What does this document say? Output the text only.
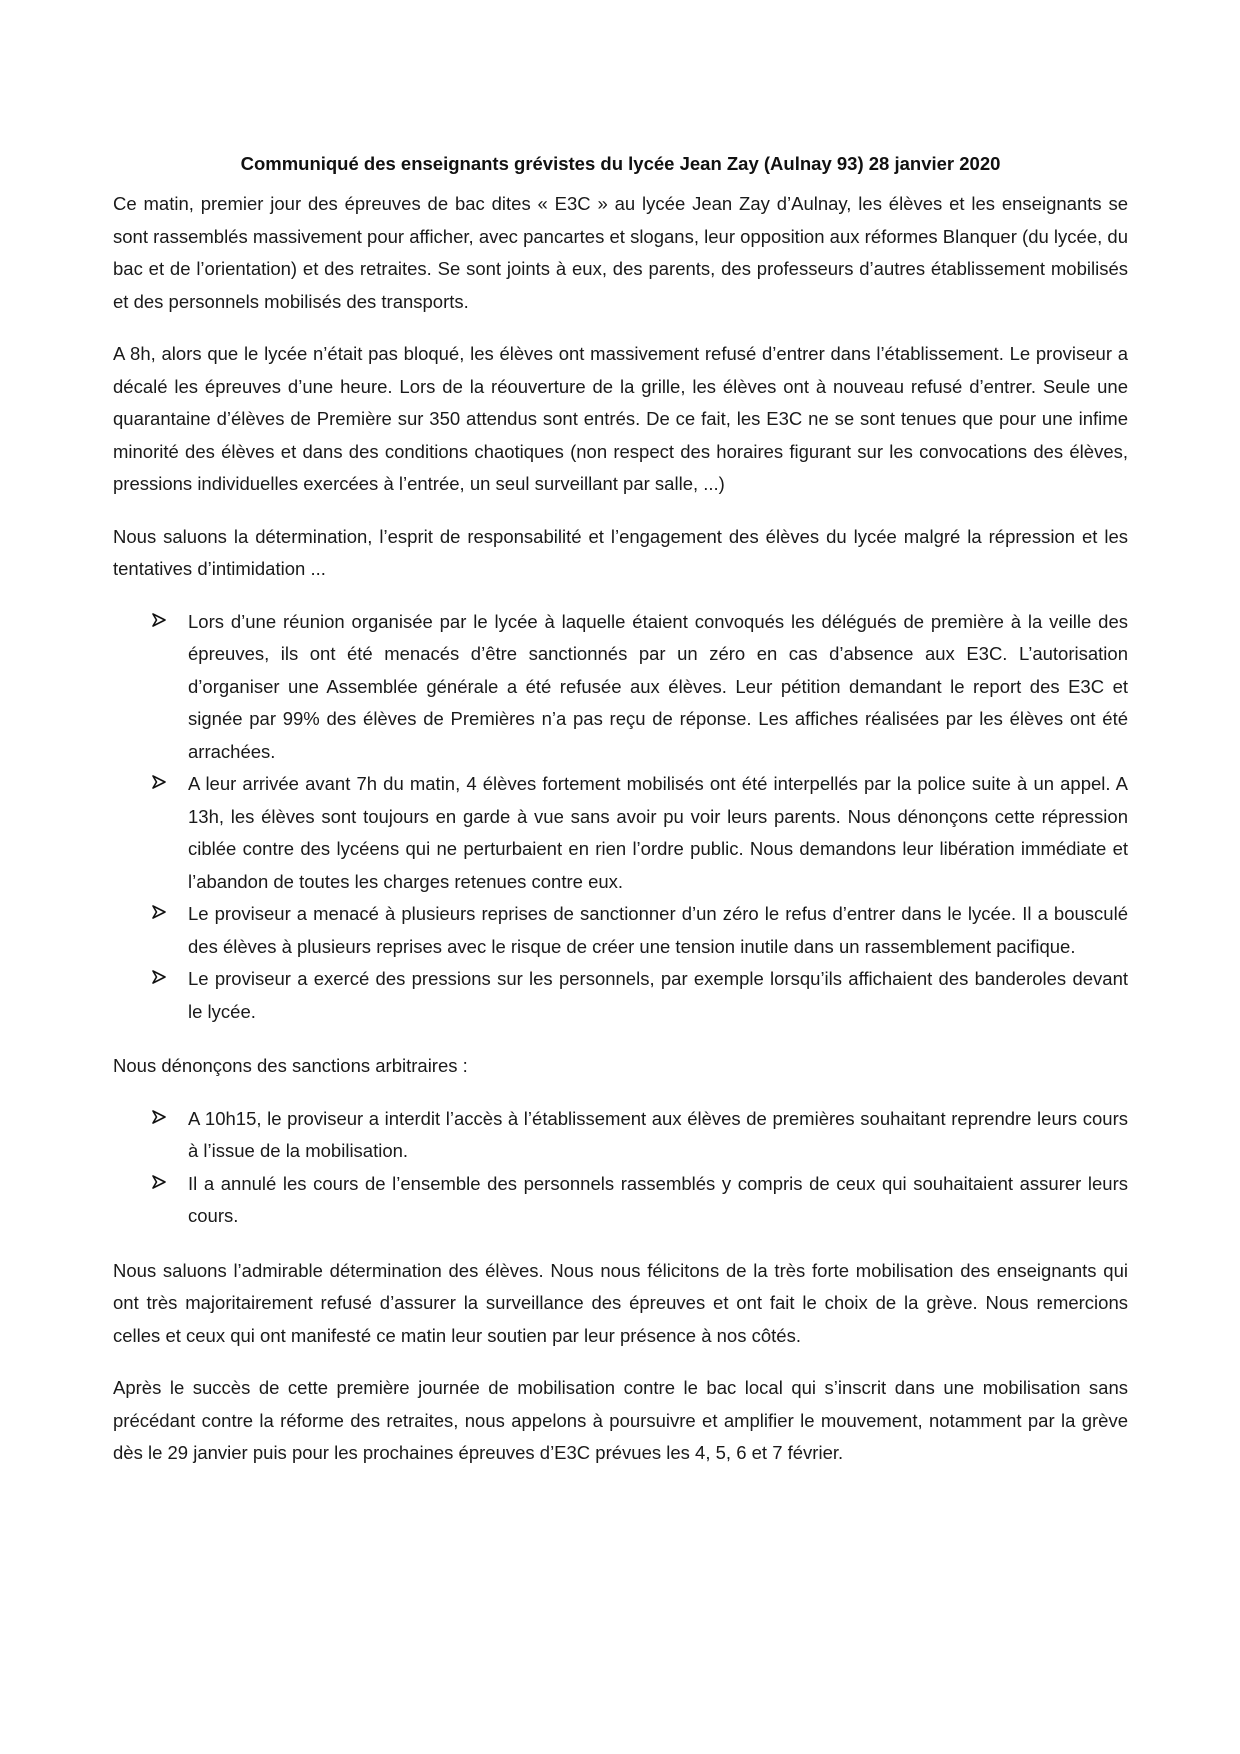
Communiqué des enseignants grévistes du lycée Jean Zay (Aulnay 93) 28 janvier 2020

Ce matin, premier jour des épreuves de bac dites « E3C » au lycée Jean Zay d’Aulnay, les élèves et les enseignants se sont rassemblés massivement pour afficher, avec pancartes et slogans, leur opposition aux réformes Blanquer (du lycée, du bac et de l’orientation) et des retraites. Se sont joints à eux, des parents, des professeurs d’autres établissement mobilisés et des personnels mobilisés des transports.

A 8h, alors que le lycée n’était pas bloqué, les élèves ont massivement refusé d’entrer dans l’établissement. Le proviseur a décalé les épreuves d’une heure. Lors de la réouverture de la grille, les élèves ont à nouveau refusé d’entrer. Seule une quarantaine d’élèves de Première sur 350 attendus sont entrés. De ce fait, les E3C ne se sont tenues que pour une infime minorité des élèves et dans des conditions chaotiques (non respect des horaires figurant sur les convocations des élèves, pressions individuelles exercées à l’entrée, un seul surveillant par salle, ...)

Nous saluons la détermination, l’esprit de responsabilité et l’engagement des élèves du lycée malgré la répression et les tentatives d’intimidation ...

Lors d’une réunion organisée par le lycée à laquelle étaient convoqués les délégués de première à la veille des épreuves, ils ont été menacés d’être sanctionnés par un zéro en cas d’absence aux E3C. L’autorisation d’organiser une Assemblée générale a été refusée aux élèves. Leur pétition demandant le report des E3C et signée par 99% des élèves de Premières n’a pas reçu de réponse. Les affiches réalisées par les élèves ont été arrachées.
A leur arrivée avant 7h du matin, 4 élèves fortement mobilisés ont été interpellés par la police suite à un appel. A 13h, les élèves sont toujours en garde à vue sans avoir pu voir leurs parents. Nous dénonçons cette répression ciblée contre des lycéens qui ne perturbaient en rien l’ordre public. Nous demandons leur libération immédiate et l’abandon de toutes les charges retenues contre eux.
Le proviseur a menacé à plusieurs reprises de sanctionner d’un zéro le refus d’entrer dans le lycée. Il a bousculé des élèves à plusieurs reprises avec le risque de créer une tension inutile dans un rassemblement pacifique.
Le proviseur a exercé des pressions sur les personnels, par exemple lorsqu’ils affichaient des banderoles devant le lycée.

Nous dénonçons des sanctions arbitraires :

A 10h15, le proviseur a interdit l’accès à l’établissement aux élèves de premières souhaitant reprendre leurs cours à l’issue de la mobilisation.
Il a annulé les cours de l’ensemble des personnels rassemblés y compris de ceux qui souhaitaient assurer leurs cours.

Nous saluons l’admirable détermination des élèves. Nous nous félicitons de la très forte mobilisation des enseignants qui ont très majoritairement refusé d’assurer la surveillance des épreuves et ont fait le choix de la grève. Nous remercions celles et ceux qui ont manifesté ce matin leur soutien par leur présence à nos côtés.

Après le succès de cette première journée de mobilisation contre le bac local qui s’inscrit dans une mobilisation sans précédant contre la réforme des retraites, nous appelons à poursuivre et amplifier le mouvement, notamment par la grève dès le 29 janvier puis pour les prochaines épreuves d’E3C prévues les 4, 5, 6 et 7 février.
